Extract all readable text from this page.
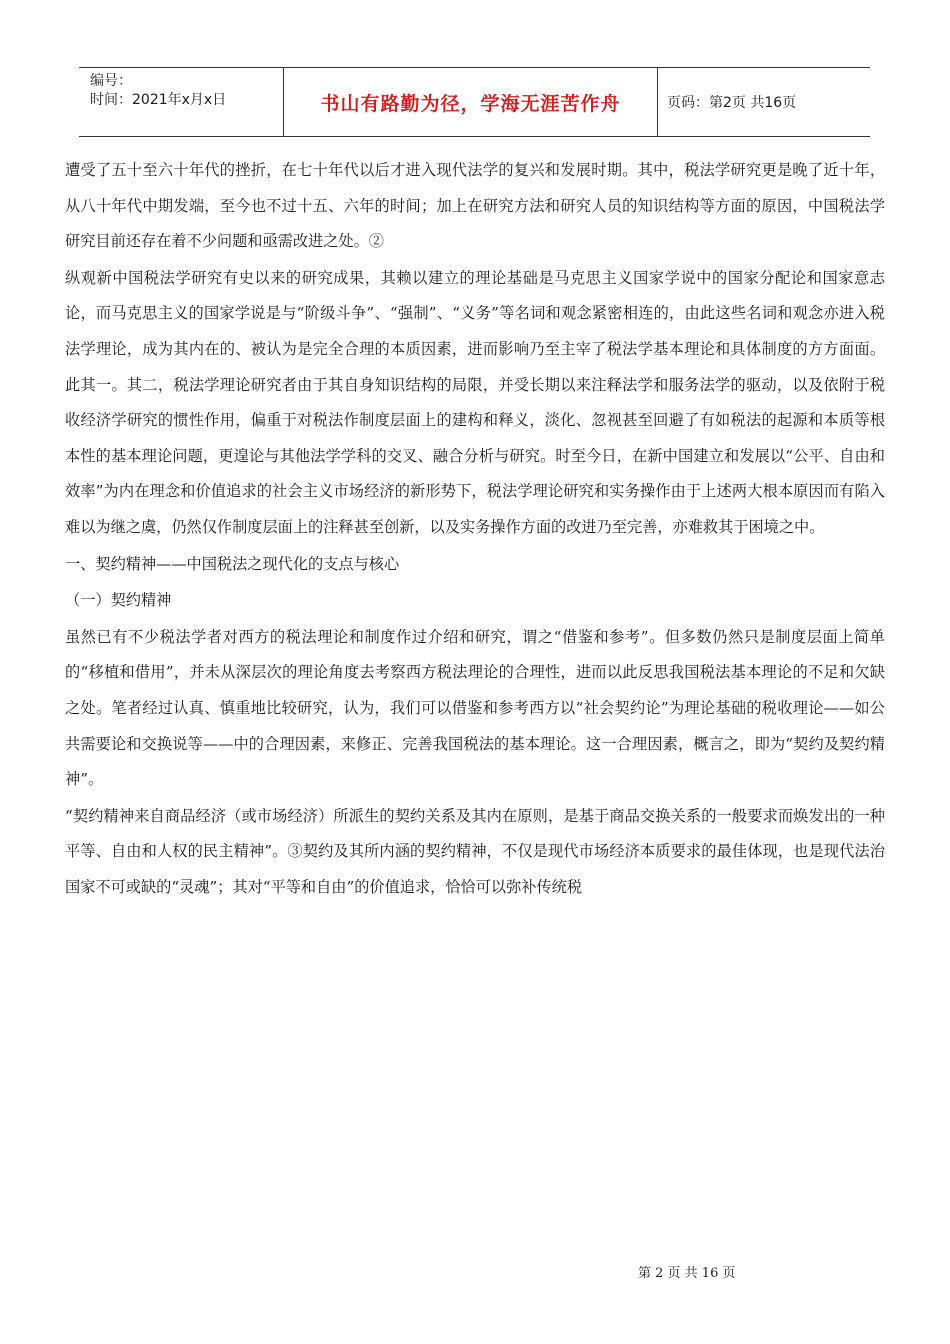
编号：
时间：2021年x月x日	书山有路勤为径，学海无涯苦作舟	页码：第2页 共16页

遭受了五十至六十年代的挫折，在七十年代以后才进入现代法学的复兴和发展时期。其中，税法学研究更是晚了近十年，从八十年代中期发端，至今也不过十五、六年的时间；加上在研究方法和研究人员的知识结构等方面的原因，中国税法学研究目前还存在着不少问题和亟需改进之处。②

纵观新中国税法学研究有史以来的研究成果，其赖以建立的理论基础是马克思主义国家学说中的国家分配论和国家意志论，而马克思主义的国家学说是与“阶级斗争”、“强制”、“义务”等名词和观念紧密相连的，由此这些名词和观念亦进入税法学理论，成为其内在的、被认为是完全合理的本质因素，进而影响乃至主宰了税法学基本理论和具体制度的方方面面。此其一。其二，税法学理论研究者由于其自身知识结构的局限，并受长期以来注释法学和服务法学的驱动，以及依附于税收经济学研究的惯性作用，偏重于对税法作制度层面上的建构和释义，淡化、忽视甚至回避了有如税法的起源和本质等根本性的基本理论问题，更遑论与其他法学学科的交叉、融合分析与研究。时至今日，在新中国建立和发展以“公平、自由和效率”为内在理念和价值追求的社会主义市场经济的新形势下，税法学理论研究和实务操作由于上述两大根本原因而有陷入难以为继之虞，仍然仅作制度层面上的注释甚至创新，以及实务操作方面的改进乃至完善，亦难救其于困境之中。

一、契约精神——中国税法之现代化的支点与核心

（一）契约精神

虽然已有不少税法学者对西方的税法理论和制度作过介绍和研究，谓之“借鉴和参考”。但多数仍然只是制度层面上简单的“移植和借用”，并未从深层次的理论角度去考察西方税法理论的合理性，进而以此反思我国税法基本理论的不足和欠缺之处。笔者经过认真、慎重地比较研究，认为，我们可以借鉴和参考西方以“社会契约论”为理论基础的税收理论——如公共需要论和交换说等——中的合理因素，来修正、完善我国税法的基本理论。这一合理因素，概言之，即为“契约及契约精神”。

“契约精神来自商品经济（或市场经济）所派生的契约关系及其内在原则，是基于商品交换关系的一般要求而焕发出的一种平等、自由和人权的民主精神”。③契约及其所内涵的契约精神，不仅是现代市场经济本质要求的最佳体现，也是现代法治国家不可或缺的“灵魂”；其对“平等和自由”的价值追求，恰恰可以弥补传统税

第 2 页 共 16 页
